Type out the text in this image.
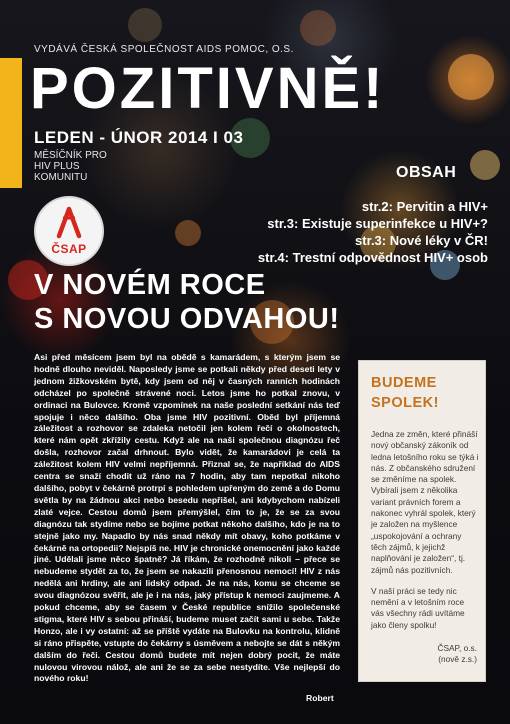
VYDÁVÁ ČESKÁ SPOLEČNOST AIDS POMOC, O.S.
POZITIVNĚ!
LEDEN - ÚNOR 2014 I 03
MĚSÍČNÍK PRO
HIV PLUS
KOMUNITU
ČSAP
OBSAH
str.2: Pervitin a HIV+
str.3: Existuje superinfekce u HIV+?
str.3: Nové léky v ČR!
str.4: Trestní odpovědnost HIV+ osob
V NOVÉM ROCE
S NOVOU ODVAHOU!
Asi před měsícem jsem byl na obědě s kamarádem, s kterým jsem se hodně dlouho neviděl. Naposledy jsme se potkali někdy před deseti lety v jednom žižkovském bytě, kdy jsem od něj v časných ranních hodinách odcházel po společně strávené noci. Letos jsme ho potkal znovu, v ordinaci na Bulovce. Kromě vzpomínek na naše poslední setkání nás teď spojuje i něco dalšího. Oba jsme HIV pozitivní. Oběd byl příjemná záležitost a rozhovor se zdaleka netočil jen kolem řečí o okolnostech, které nám opět zkřížily cestu. Když ale na naši společnou diagnózu řeč došla, rozhovor začal drhnout. Bylo vidět, že kamarádovi je celá ta záležitost kolem HIV velmi nepříjemná. Přiznal se, že například do AIDS centra se snaží chodit už ráno na 7 hodin, aby tam nepotkal nikoho dalšího, pobyt v čekárně protrpí s pohledem upřeným do země a do Domu světla by na žádnou akci nebo besedu nepřišel, ani kdybychom nabízeli zlaté vejce. Cestou domů jsem přemýšlel, čím to je, že se za svou diagnózu tak stydíme nebo se bojíme potkat někoho dalšího, kdo je na to stejně jako my. Napadlo by nás snad někdy mít obavy, koho potkáme v čekárně na ortopedii? Nejspíš ne. HIV je chronické onemocnění jako každé jiné. Udělali jsme něco špatně? Já říkám, že rozhodně nikoli – přece se nebudeme stydět za to, že jsem se nakazili přenosnou nemocí! HIV z nás nedělá ani hrdiny, ale ani lidský odpad. Je na nás, komu se chceme se svou diagnózou svěřit, ale je i na nás, jaký přístup k nemoci zaujmeme. A pokud chceme, aby se časem v České republice snížilo společenské stigma, které HIV s sebou přináší, budeme muset začít sami u sebe. Takže Honzo, ale i vy ostatní: až se příště vydáte na Bulovku na kontrolu, klidně si ráno přispěte, vstupte do čekárny s úsměvem a nebojte se dát s někým dalším do řeči. Cestou domů budete mít nejen dobrý pocit, že máte nulovou virovou nálož, ale ani že se za sebe nestydíte. Vše nejlepší do nového roku!
Robert
BUDEME
SPOLEK!
Jedna ze změn, které přináší nový občanský zákoník od ledna letošního roku se týká i nás. Z občanského sdružení se změníme na spolek. Vybírali jsem z několika variant právních forem a nakonec vyhrál spolek, který je založen na myšlence „uspokojování a ochrany těch zájmů, k jejichž naplňování je založen“, tj. zájmů nás pozitivních.
V naší práci se tedy nic nemění a v letošním roce vás všechny rádi uvítáme jako členy spolku!
ČSAP, o.s.
(nově z.s.)
